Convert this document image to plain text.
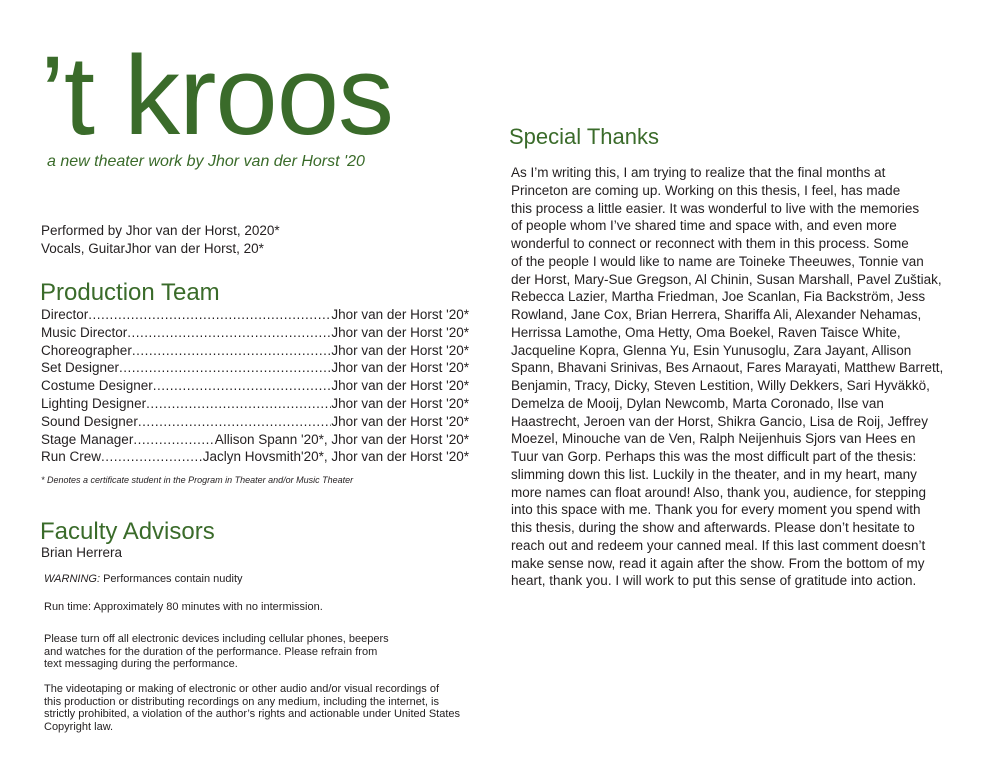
’t kroos
a new theater work by Jhor van der Horst '20
Performed by Jhor van der Horst, 2020*
Vocals, GuitarJhor van der Horst, 20*
Production Team
Director .....	Jhor van der Horst '20*
Music Director .....	Jhor van der Horst '20*
Choreographer .....	Jhor van der Horst '20*
Set Designer .....	Jhor van der Horst '20*
Costume Designer .....	Jhor van der Horst '20*
Lighting Designer .....	Jhor van der Horst '20*
Sound Designer .....	Jhor van der Horst '20*
Stage Manager .....	Allison Spann '20*, Jhor van der Horst '20*
Run Crew .....	Jaclyn Hovsmith'20*, Jhor van der Horst '20*
* Denotes a certificate student in the Program in Theater and/or Music Theater
Faculty Advisors
Brian Herrera
WARNING: Performances contain nudity
Run time: Approximately 80 minutes with no intermission.
Please turn off all electronic devices including cellular phones, beepers
and watches for the duration of the performance. Please refrain from
text messaging during the performance.
The videotaping or making of electronic or other audio and/or visual recordings of
this production or distributing recordings on any medium, including the internet, is
strictly prohibited, a violation of the author’s rights and actionable under United States
Copyright law.
Special Thanks
As I’m writing this, I am trying to realize that the final months at
Princeton are coming up. Working on this thesis, I feel, has made
this process a little easier. It was wonderful to live with the memories
of people whom I’ve shared time and space with, and even more
wonderful to connect or reconnect with them in this process. Some
of the people I would like to name are Toineke Theeuwes, Tonnie van
der Horst, Mary-Sue Gregson, Al Chinin, Susan Marshall, Pavel Zuštiak,
Rebecca Lazier, Martha Friedman, Joe Scanlan, Fia Backström, Jess
Rowland, Jane Cox, Brian Herrera, Shariffa Ali, Alexander Nehamas,
Herrissa Lamothe, Oma Hetty, Oma Boekel, Raven Taisce White,
Jacqueline Kopra, Glenna Yu, Esin Yunusoglu, Zara Jayant, Allison
Spann, Bhavani Srinivas, Bes Arnaout, Fares Marayati, Matthew Barrett,
Benjamin, Tracy, Dicky, Steven Lestition, Willy Dekkers, Sari Hyväkkö,
Demelza de Mooij, Dylan Newcomb, Marta Coronado, Ilse van
Haastrecht, Jeroen van der Horst, Shikra Gancio, Lisa de Roij, Jeffrey
Moezel, Minouche van de Ven, Ralph Neijenhuis Sjors van Hees en
Tuur van Gorp. Perhaps this was the most difficult part of the thesis:
slimming down this list. Luckily in the theater, and in my heart, many
more names can float around! Also, thank you, audience, for stepping
into this space with me. Thank you for every moment you spend with
this thesis, during the show and afterwards. Please don’t hesitate to
reach out and redeem your canned meal. If this last comment doesn’t
make sense now, read it again after the show. From the bottom of my
heart, thank you. I will work to put this sense of gratitude into action.
